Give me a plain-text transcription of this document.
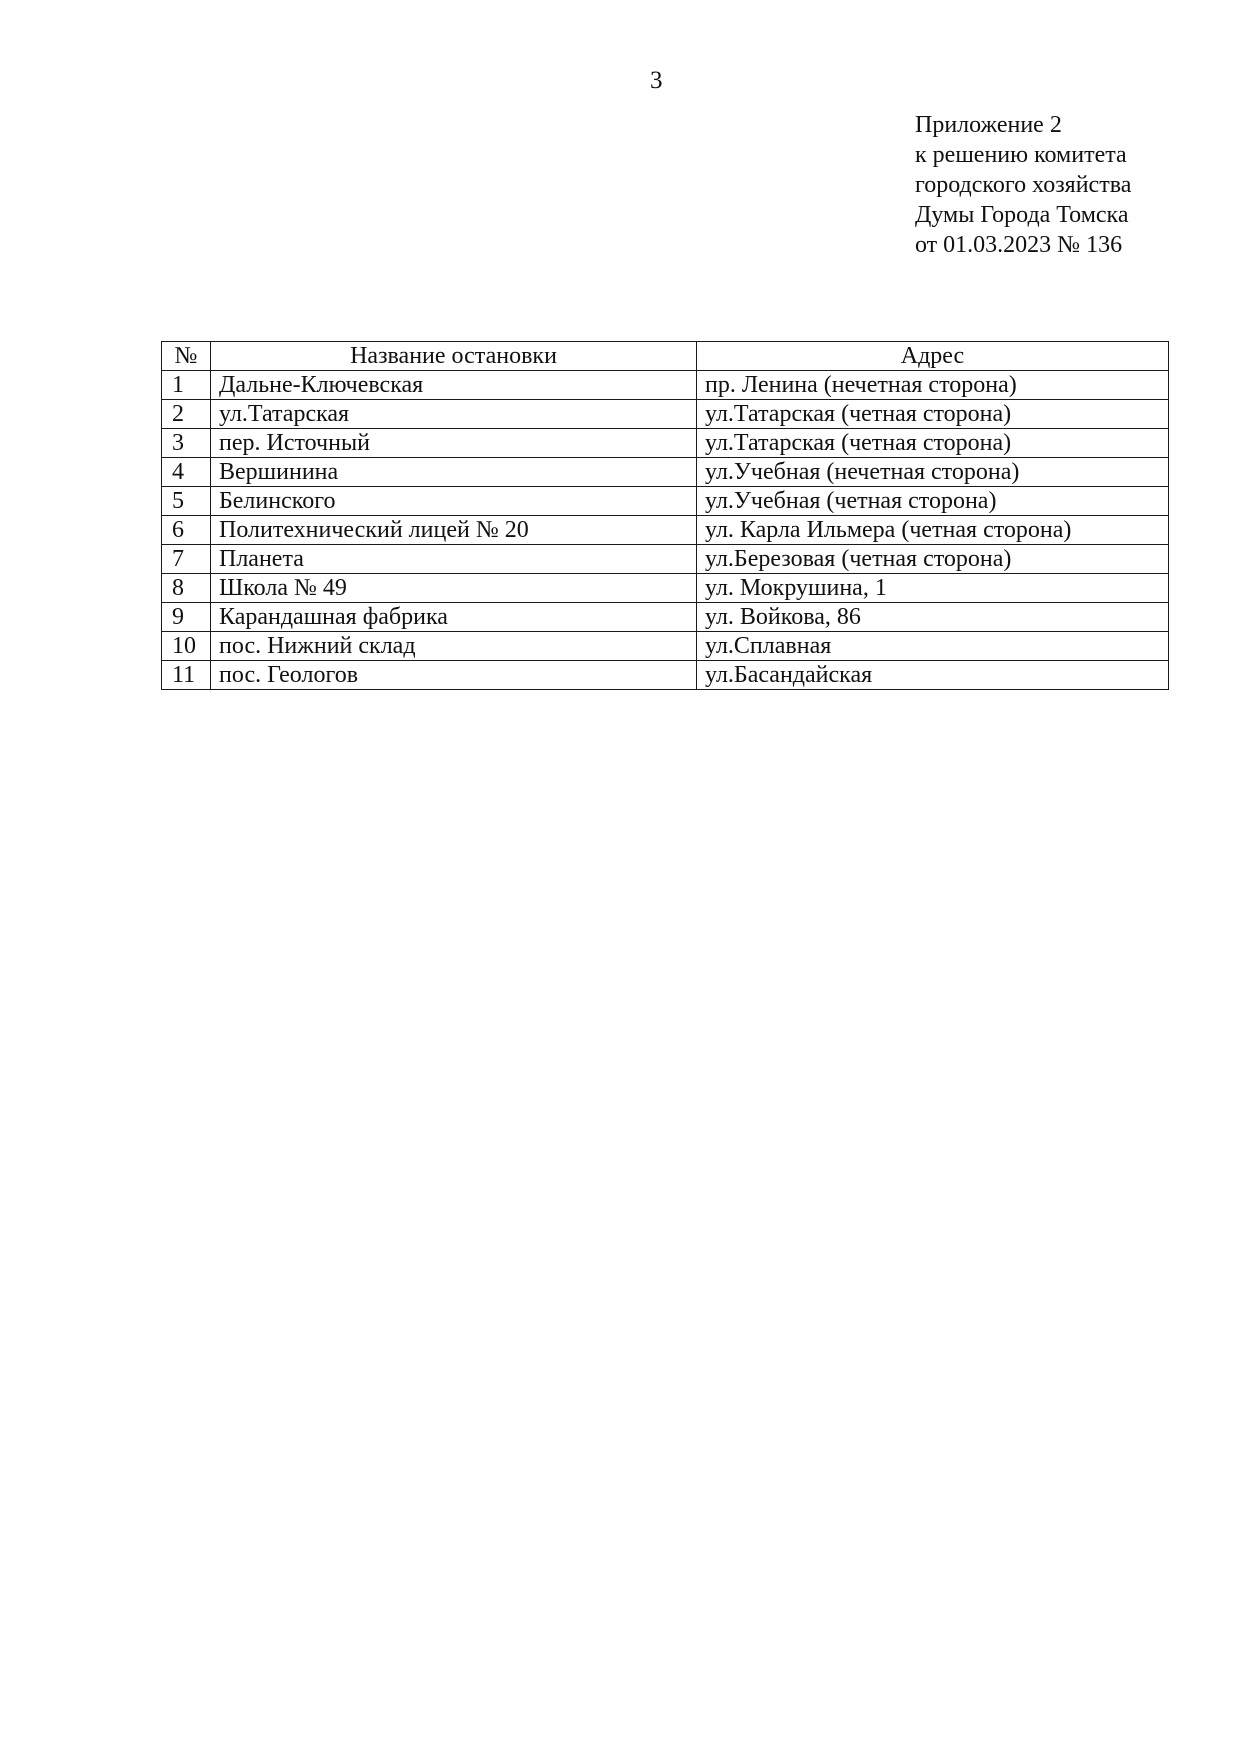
3
Приложение 2
к решению комитета
городского хозяйства
Думы Города Томска
от 01.03.2023 № 136
№	Название остановки	Адрес
1	Дальне-Ключевская	пр. Ленина (нечетная сторона)
2	ул.Татарская	ул.Татарская (четная сторона)
3	пер. Источный	ул.Татарская (четная сторона)
4	Вершинина	ул.Учебная (нечетная сторона)
5	Белинского	ул.Учебная (четная сторона)
6	Политехнический лицей № 20	ул. Карла Ильмера (четная сторона)
7	Планета	ул.Березовая (четная сторона)
8	Школа № 49	ул. Мокрушина, 1
9	Карандашная фабрика	ул. Войкова, 86
10	пос. Нижний склад	ул.Сплавная
11	пос. Геологов	ул.Басандайская
